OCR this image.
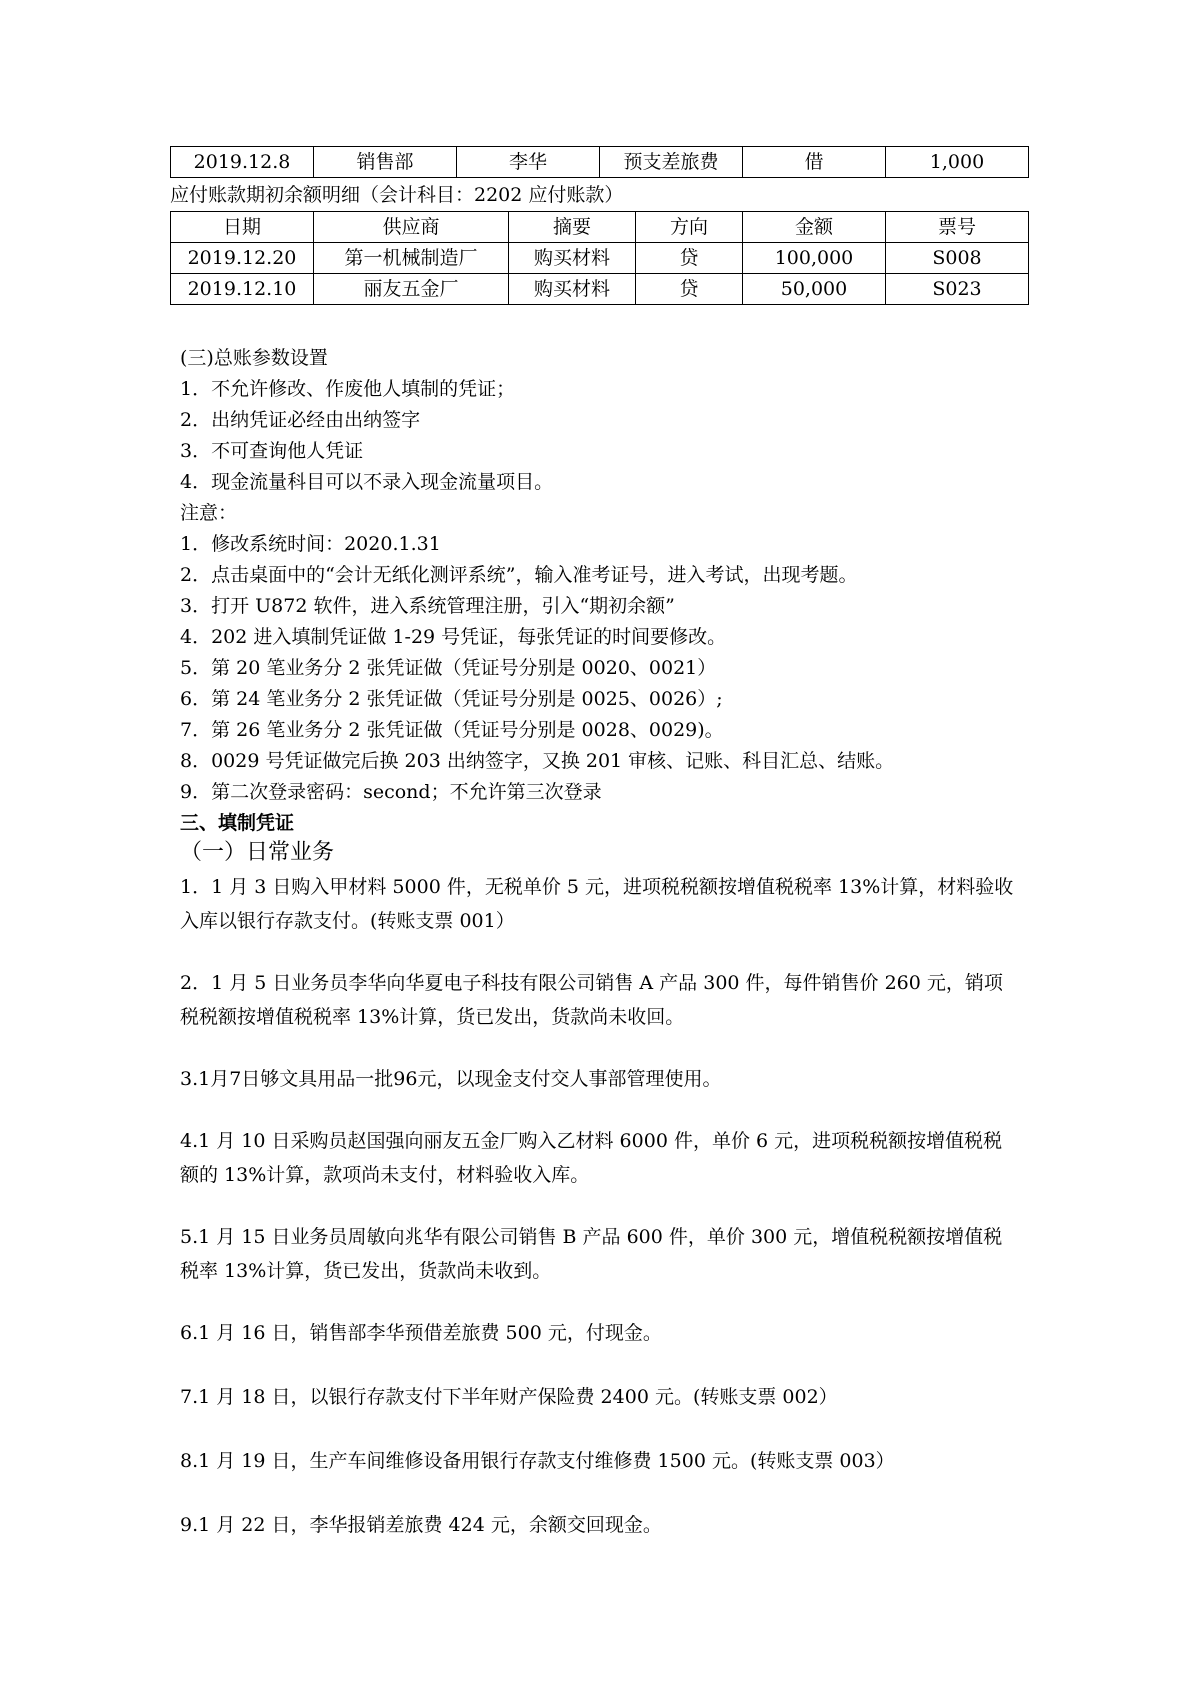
2019.12.8	销售部	李华	预支差旅费	借	1,000
应付账款期初余额明细（会计科目：2202 应付账款）
日期	供应商	摘要	方向	金额	票号
2019.12.20	第一机械制造厂	购买材料	贷	100,000	S008
2019.12.10	丽友五金厂	购买材料	贷	50,000	S023
(三)总账参数设置
1．不允许修改、作废他人填制的凭证；
2．出纳凭证必经由出纳签字
3．不可查询他人凭证
4．现金流量科目可以不录入现金流量项目。
注意：
1．修改系统时间：2020.1.31
2．点击桌面中的“会计无纸化测评系统”，输入准考证号，进入考试，出现考题。
3．打开 U872 软件，进入系统管理注册，引入“期初余额”
4．202 进入填制凭证做 1-29 号凭证，每张凭证的时间要修改。
5．第 20 笔业务分 2 张凭证做（凭证号分别是 0020、0021）
6．第 24 笔业务分 2 张凭证做（凭证号分别是 0025、0026）;
7．第 26 笔业务分 2 张凭证做（凭证号分别是 0028、0029)。
8．0029 号凭证做完后换 203 出纳签字，又换 201 审核、记账、科目汇总、结账。
9．第二次登录密码：second；不允许第三次登录
三、填制凭证
（一）日常业务
1．1 月 3 日购入甲材料 5000 件，无税单价 5 元，进项税税额按增值税税率 13%计算，材料验收入库以银行存款支付。(转账支票 001）
2．1 月 5 日业务员李华向华夏电子科技有限公司销售 A 产品 300 件，每件销售价 260 元，销项税税额按增值税税率 13%计算，货已发出，货款尚未收回。
3.1月7日够文具用品一批96元，以现金支付交人事部管理使用。
4.1 月 10 日采购员赵国强向丽友五金厂购入乙材料 6000 件，单价 6 元，进项税税额按增值税税额的 13%计算，款项尚未支付，材料验收入库。
5.1 月 15 日业务员周敏向兆华有限公司销售 B 产品 600 件，单价 300 元，增值税税额按增值税税率 13%计算，货已发出，货款尚未收到。
6.1 月 16 日，销售部李华预借差旅费 500 元，付现金。
7.1 月 18 日，以银行存款支付下半年财产保险费 2400 元。(转账支票 002）
8.1 月 19 日，生产车间维修设备用银行存款支付维修费 1500 元。(转账支票 003）
9.1 月 22 日，李华报销差旅费 424 元，余额交回现金。
